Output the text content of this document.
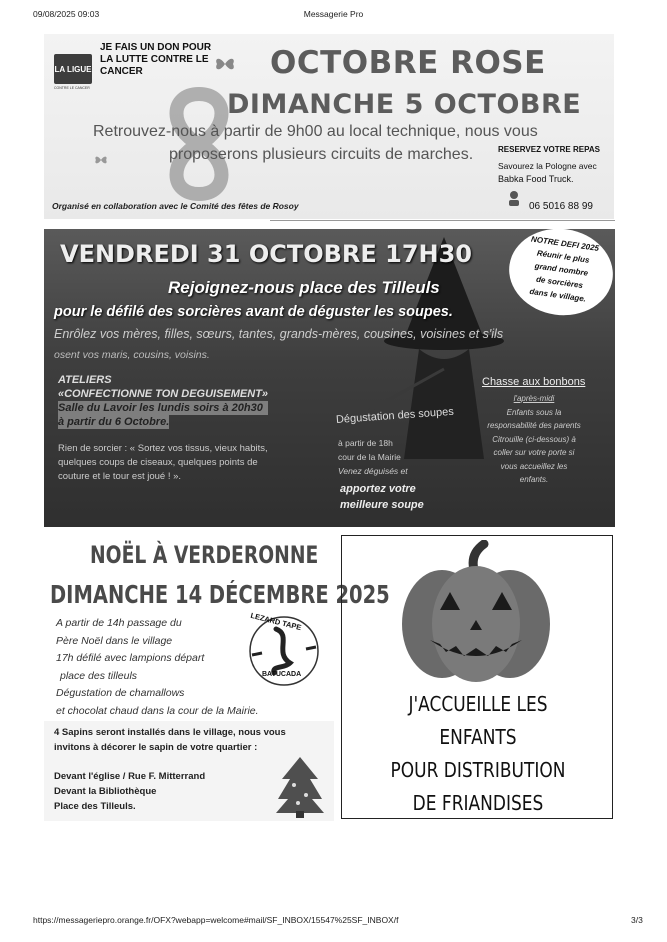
09/08/2025 09:03	Messagerie Pro
https://messageriepro.orange.fr/OFX?webapp=welcome#mail/SF_INBOX/15547%25SF_INBOX/f	3/3
LA LIGUE
CONTRE LE CANCER
JE FAIS UN DON POUR
LA LUTTE CONTRE LE
CANCER	OCTOBRE ROSE
DIMANCHE 5 OCTOBRE
Retrouvez-nous à partir de 9h00 au local technique, nous vous
proposerons plusieurs circuits de marches.
Organisé en collaboration avec le Comité des fêtes de Rosoy
RESERVEZ VOTRE REPAS
Savourez la Pologne avec
Babka Food Truck.
06 5016 88 99
VENDREDI 31 OCTOBRE 17H30
Rejoignez-nous place des Tilleuls
pour le défilé des sorcières avant de déguster les soupes.
Enrôlez vos mères, filles, sœurs, tantes, grands-mères, cousines, voisines et s'ils
osent vos maris, cousins, voisins.
ATELIERS
«CONFECTIONNE TON DEGUISEMENT»
Salle du Lavoir les lundis soirs à 20h30
à partir du 6 Octobre.
Rien de sorcier : « Sortez vos tissus, vieux habits,
quelques coups de ciseaux, quelques points de
couture et le tour est joué ! ».
Dégustation des soupes
à partir de 18h
cour de la Mairie
Venez déguisés et
apportez votre
meilleure soupe
Chasse aux bonbons
l'après-midi
Enfants sous la
responsabilité des parents
Citrouille (ci-dessous) à
coller sur votre porte si
vous accueillez les
enfants.
NOTRE DEFI 2025
Réunir le plus
grand nombre
de sorcières
dans le village.
NOËL À VERDERONNE
DIMANCHE 14 DÉCEMBRE 2025
A partir de 14h passage du
Père Noël dans le village
17h défilé avec lampions départ
place des tilleuls
Dégustation de chamallows
et chocolat chaud dans la cour de la Mairie.
LEZARD TAPE
BATUCADA
4 Sapins seront installés dans le village, nous vous
invitons à décorer le sapin de votre quartier :
Devant l'église / Rue F. Mitterrand
Devant la Bibliothèque
Place des Tilleuls.
J'ACCUEILLE LES
ENFANTS
POUR DISTRIBUTION
DE FRIANDISES
